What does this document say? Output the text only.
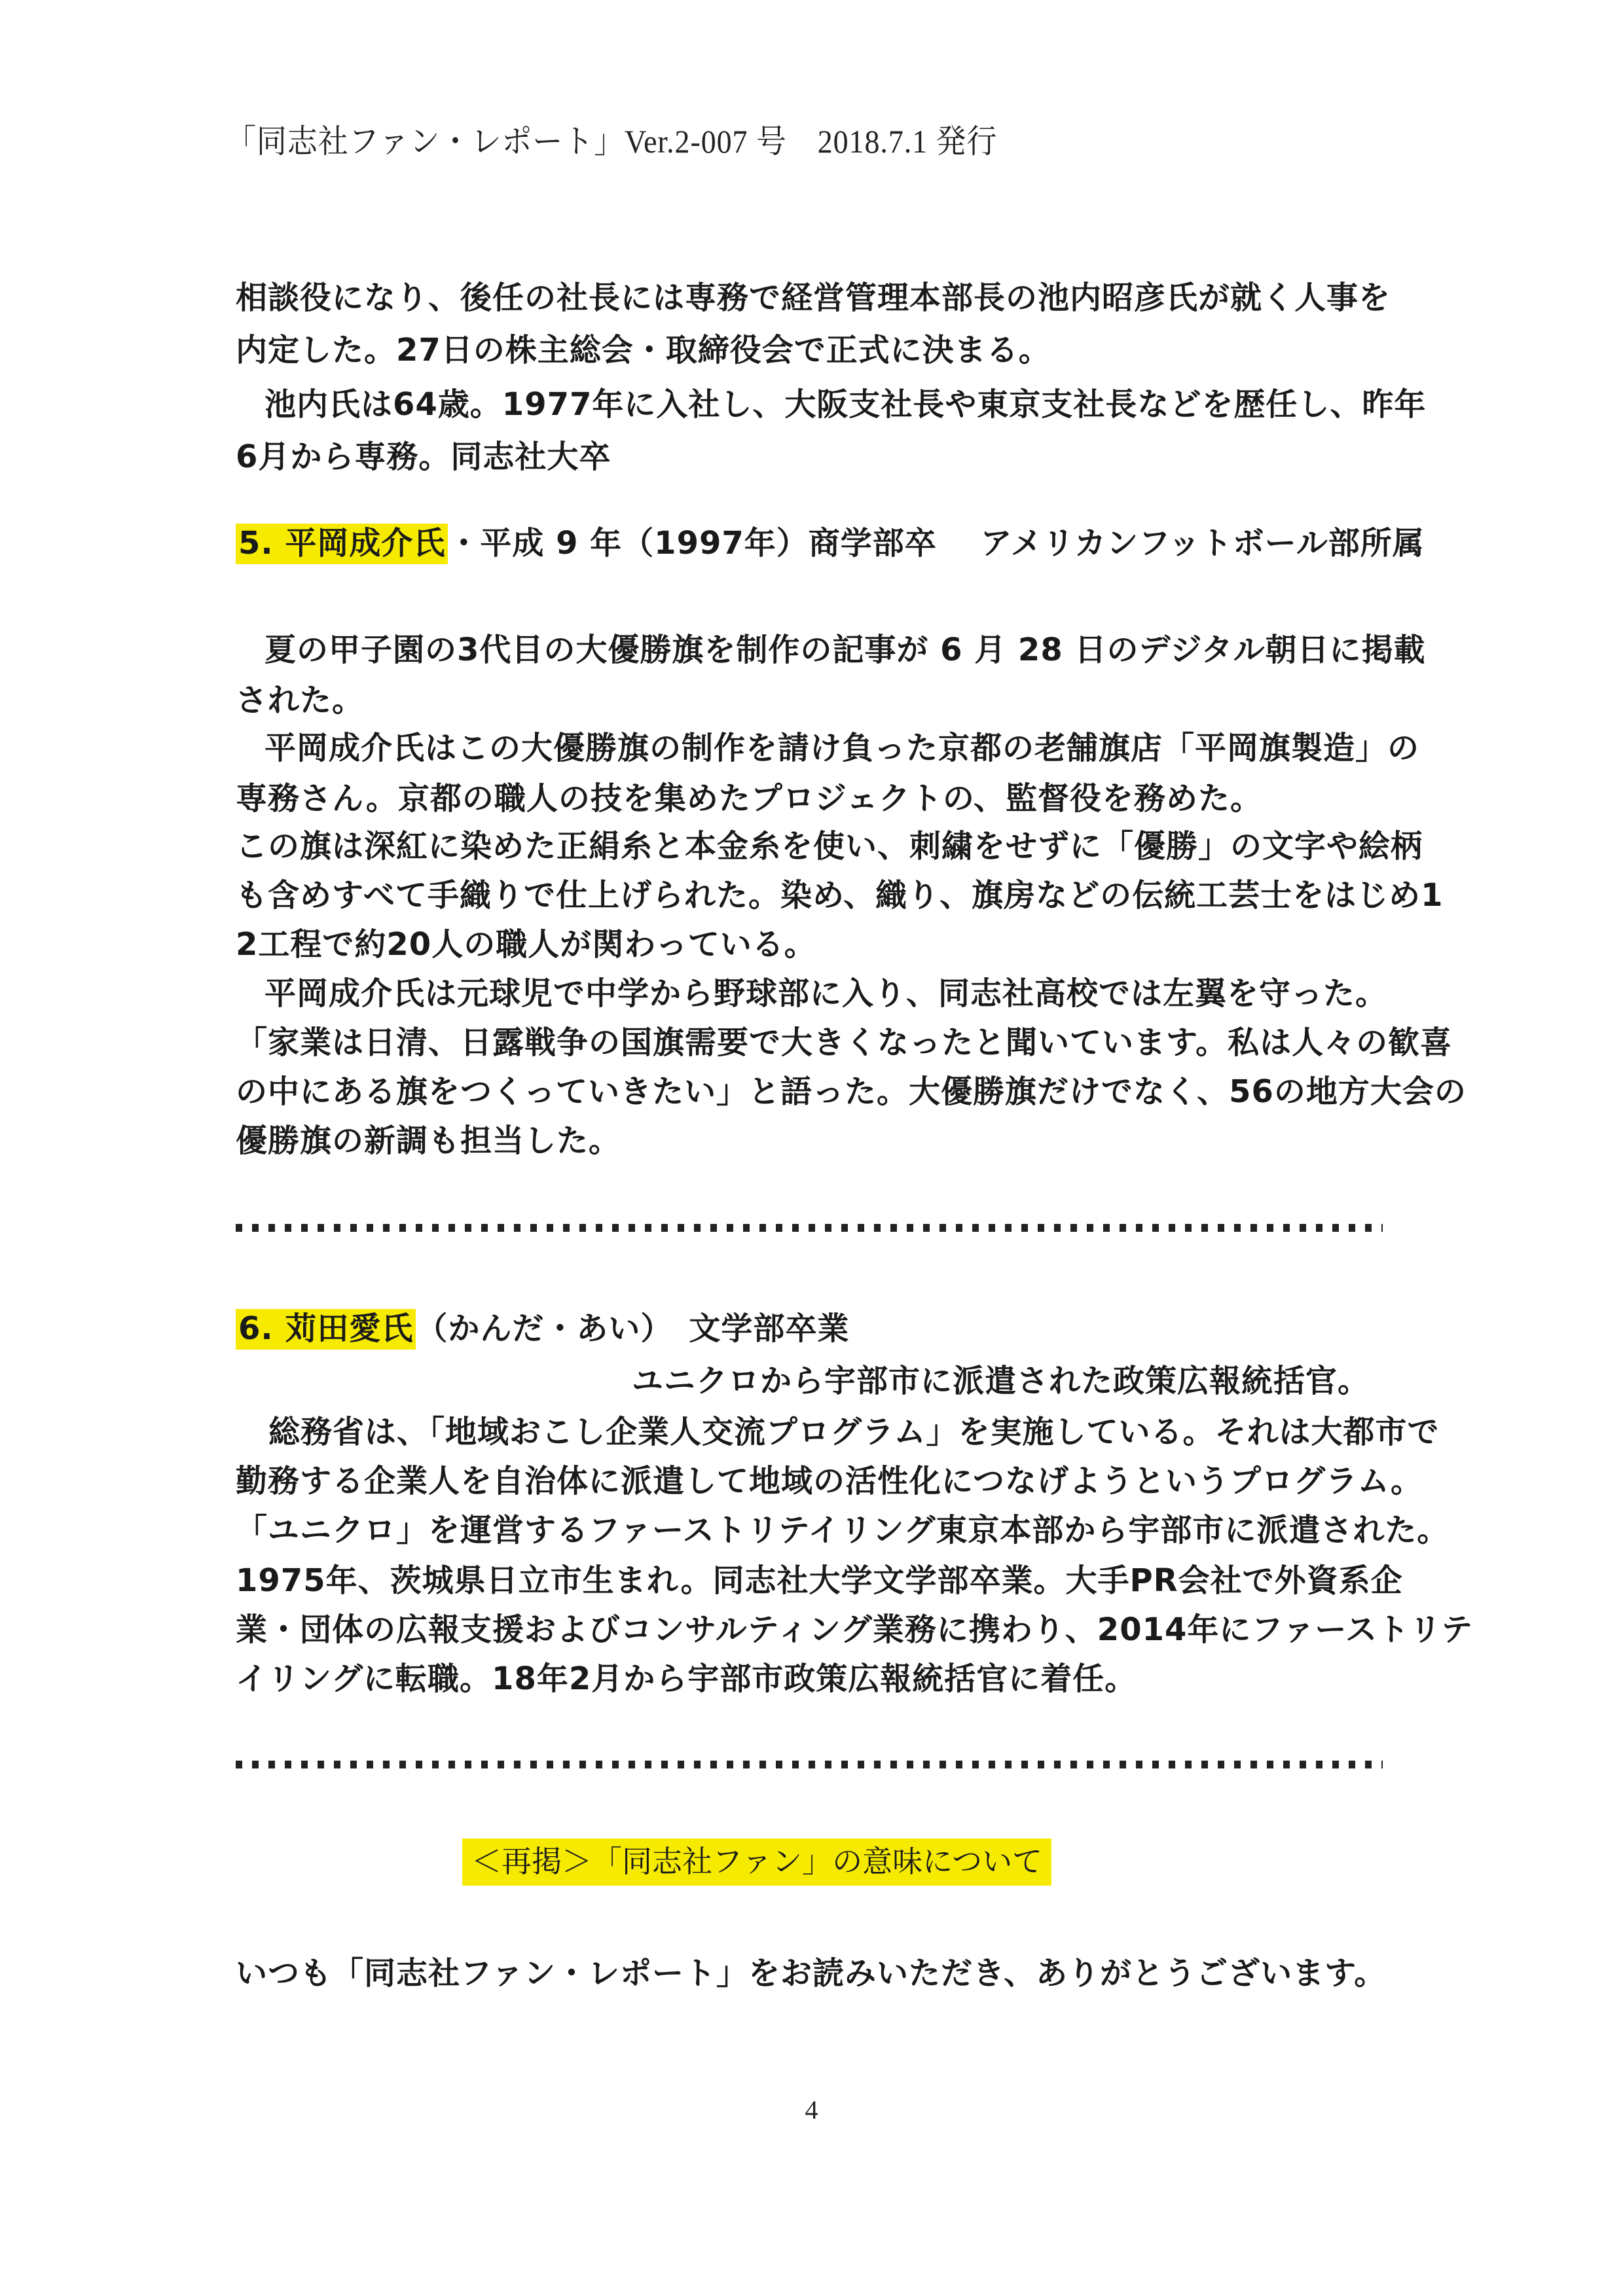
「同志社ファン・レポート」Ver.2-007 号　2018.7.1 発行
相談役になり、後任の社長には専務で経営管理本部長の池内昭彦氏が就く人事を
内定した。27日の株主総会・取締役会で正式に決まる。
池内氏は64歳。1977年に入社し、大阪支社長や東京支社長などを歴任し、昨年
6月から専務。同志社大卒
5. 平岡成介氏・平成 9 年（1997年）商学部卒　 アメリカンフットボール部所属
夏の甲子園の3代目の大優勝旗を制作の記事が 6 月 28 日のデジタル朝日に掲載
された。
平岡成介氏はこの大優勝旗の制作を請け負った京都の老舗旗店「平岡旗製造」の
専務さん。京都の職人の技を集めたプロジェクトの、監督役を務めた。
この旗は深紅に染めた正絹糸と本金糸を使い、刺繍をせずに「優勝」の文字や絵柄
も含めすべて手織りで仕上げられた。染め、織り、旗房などの伝統工芸士をはじめ1
2工程で約20人の職人が関わっている。
平岡成介氏は元球児で中学から野球部に入り、同志社高校では左翼を守った。
「家業は日清、日露戦争の国旗需要で大きくなったと聞いています。私は人々の歓喜
の中にある旗をつくっていきたい」と語った。大優勝旗だけでなく、56の地方大会の
優勝旗の新調も担当した。
6. 苅田愛氏（かんだ・あい）　文学部卒業
ユニクロから宇部市に派遣された政策広報統括官。
総務省は、「地域おこし企業人交流プログラム」を実施している。それは大都市で
勤務する企業人を自治体に派遣して地域の活性化につなげようというプログラム。
「ユニクロ」を運営するファーストリテイリング東京本部から宇部市に派遣された。
1975年、茨城県日立市生まれ。同志社大学文学部卒業。大手PR会社で外資系企
業・団体の広報支援およびコンサルティング業務に携わり、2014年にファーストリテ
イリングに転職。18年2月から宇部市政策広報統括官に着任。
いつも「同志社ファン・レポート」をお読みいただき、ありがとうございます。
＜再掲＞「同志社ファン」の意味について
4
